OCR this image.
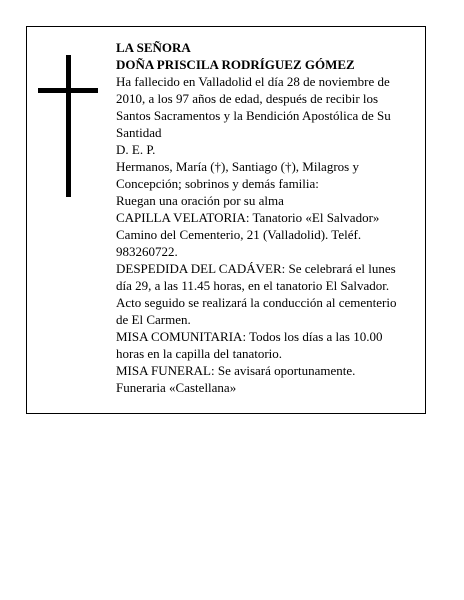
LA SEÑORA
DOÑA PRISCILA RODRÍGUEZ GÓMEZ
Ha fallecido en Valladolid el día 28 de noviembre de
2010, a los 97 años de edad, después de recibir los
Santos Sacramentos y la Bendición Apostólica de Su
Santidad
D. E. P.
Hermanos, María (†), Santiago (†), Milagros y
Concepción; sobrinos y demás familia:
Ruegan una oración por su alma
CAPILLA VELATORIA: Tanatorio «El Salvador»
Camino del Cementerio, 21 (Valladolid). Teléf.
983260722.
DESPEDIDA DEL CADÁVER: Se celebrará el lunes
día 29, a las 11.45 horas, en el tanatorio El Salvador.
Acto seguido se realizará la conducción al cementerio
de El Carmen.
MISA COMUNITARIA: Todos los días a las 10.00
horas en la capilla del tanatorio.
MISA FUNERAL: Se avisará oportunamente.
Funeraria «Castellana»
